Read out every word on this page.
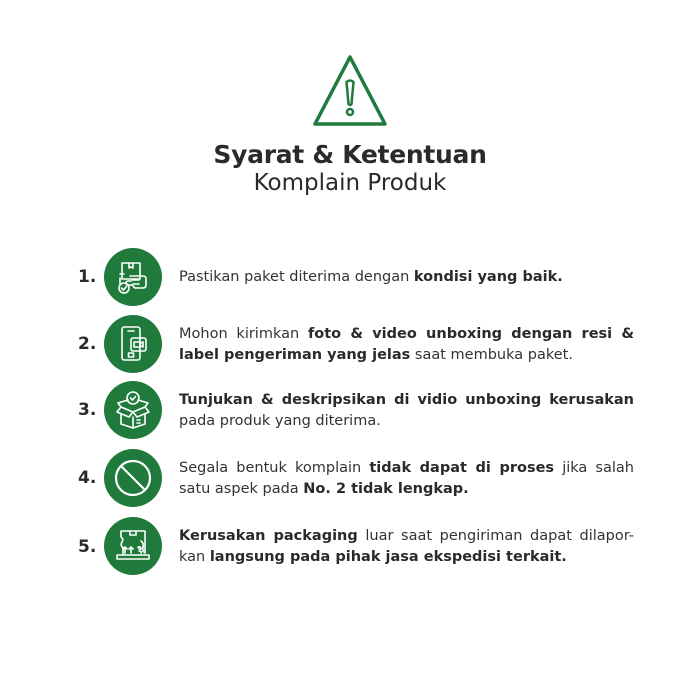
Syarat & Ketentuan
Komplain Produk
1.	Pastikan paket diterima dengan kondisi yang baik.
2.	Mohon kirimkan foto & video unboxing dengan resi & label pengeriman yang jelas saat membuka paket.
3.	Tunjukan & deskripsikan di vidio unboxing kerusakan pada produk yang diterima.
4.	Segala bentuk komplain tidak dapat di proses jika salah satu aspek pada No. 2 tidak lengkap.
5.
Kerusakan packaging luar saat pengiriman dapat dilapor-kan langsung pada pihak jasa ekspedisi terkait.
